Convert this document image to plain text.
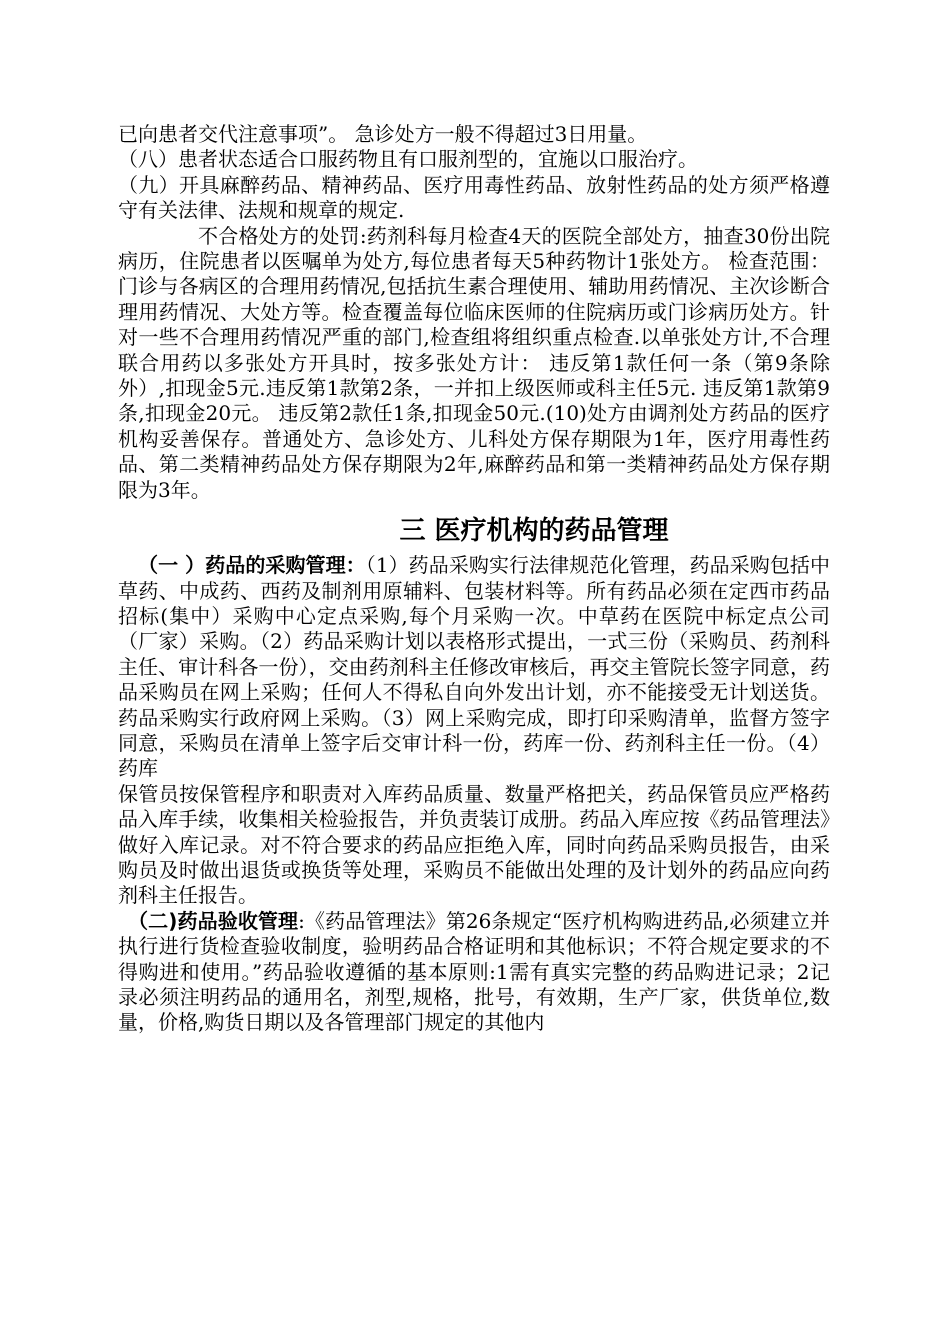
已向患者交代注意事项”。 急诊处方一般不得超过3日用量。

（八）患者状态适合口服药物且有口服剂型的，宜施以口服治疗。

（九）开具麻醉药品、精神药品、医疗用毒性药品、放射性药品的处方须严格遵守有关法律、法规和规章的规定.

不合格处方的处罚:药剂科每月检查4天的医院全部处方，抽查30份出院病历，住院患者以医嘱单为处方,每位患者每天5种药物计1张处方。 检查范围：门诊与各病区的合理用药情况,包括抗生素合理使用、辅助用药情况、主次诊断合理用药情况、大处方等。检查覆盖每位临床医师的住院病历或门诊病历处方。针对一些不合理用药情况严重的部门,检查组将组织重点检查.以单张处方计,不合理联合用药以多张处方开具时，按多张处方计： 违反第1款任何一条（第9条除外）,扣现金5元.违反第1款第2条，一并扣上级医师或科主任5元. 违反第1款第9条,扣现金20元。 违反第2款任1条,扣现金50元.(10)处方由调剂处方药品的医疗机构妥善保存。普通处方、急诊处方、儿科处方保存期限为1年，医疗用毒性药品、第二类精神药品处方保存期限为2年,麻醉药品和第一类精神药品处方保存期限为3年。

三 医疗机构的药品管理

（一 ）药品的采购管理：（1）药品采购实行法律规范化管理，药品采购包括中草药、中成药、西药及制剂用原辅料、包装材料等。所有药品必须在定西市药品招标(集中）采购中心定点采购,每个月采购一次。中草药在医院中标定点公司（厂家）采购。（2）药品采购计划以表格形式提出，一式三份（采购员、药剂科主任、审计科各一份），交由药剂科主任修改审核后，再交主管院长签字同意，药品采购员在网上采购；任何人不得私自向外发出计划，亦不能接受无计划送货。药品采购实行政府网上采购。（3）网上采购完成，即打印采购清单，监督方签字同意，采购员在清单上签字后交审计科一份，药库一份、药剂科主任一份。（4） 药库

保管员按保管程序和职责对入库药品质量、数量严格把关，药品保管员应严格药品入库手续，收集相关检验报告，并负责装订成册。药品入库应按《药品管理法》做好入库记录。对不符合要求的药品应拒绝入库，同时向药品采购员报告，由采购员及时做出退货或换货等处理，采购员不能做出处理的及计划外的药品应向药剂科主任报告。

（二)药品验收管理:《药品管理法》第26条规定“医疗机构购进药品,必须建立并执行进行货检查验收制度，验明药品合格证明和其他标识；不符合规定要求的不得购进和使用。”药品验收遵循的基本原则:1需有真实完整的药品购进记录；2记录必须注明药品的通用名，剂型,规格，批号，有效期，生产厂家，供货单位,数量，价格,购货日期以及各管理部门规定的其他内
